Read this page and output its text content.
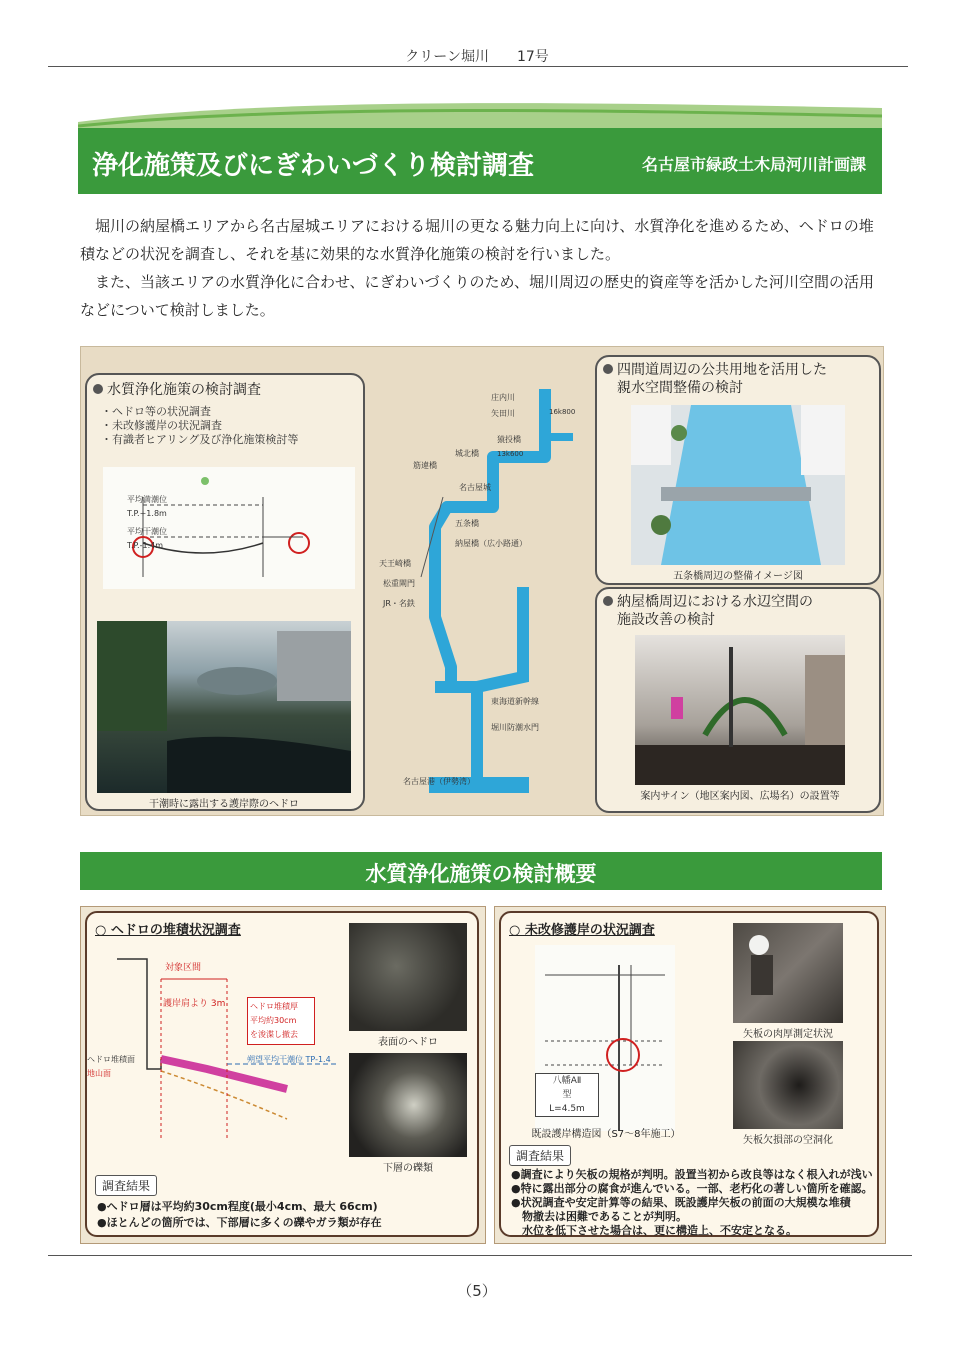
クリーン堀川　　17号
浄化施策及びにぎわいづくり検討調査	名古屋市緑政土木局河川計画課
　堀川の納屋橋エリアから名古屋城エリアにおける堀川の更なる魅力向上に向け、水質浄化を進めるため、ヘドロの堆
積などの状況を調査し、それを基に効果的な水質浄化施策の検討を行いました。
　また、当該エリアの水質浄化に合わせ、にぎわいづくりのため、堀川周辺の歴史的資産等を活かした河川空間の活用
などについて検討しました。
水質浄化施策の検討調査
・ヘドロ等の状況調査
・未改修護岸の状況調査
・有識者ヒアリング及び浄化施策検討等
平均満潮位
T.P.+1.8m
平均干潮位
T.P.-1.4m
干潮時に露出する護岸際のヘドロ
庄内川
矢田川	16k800
猿投橋
13k600
城北橋
筋違橋
名古屋城
五条橋
納屋橋（広小路通）
天王崎橋
松重閘門
JR・名鉄
東海道新幹線
堀川防潮水門
名古屋港（伊勢湾）
四間道周辺の公共用地を活用した
親水空間整備の検討
五条橋周辺の整備イメージ図
納屋橋周辺における水辺空間の
施設改善の検討
案内サイン（地区案内図、広場名）の設置等
水質浄化施策の検討概要
○ ヘドロの堆積状況調査
対象区間
護岸肩より 3m	ヘドロ堆積厚
平均約30cm
を浚渫し撤去
ヘドロ堆積面
地山面
朔望平均干潮位 TP-1.4
表面のヘドロ
下層の礫類
調査結果
●ヘドロ層は平均約30cm程度(最小4cm、最大 66cm)
●ほとんどの箇所では、下部層に多くの礫やガラ類が存在
○ 未改修護岸の状況調査
八幡AⅡ
型
L=4.5m
既設護岸構造図（S7～8年施工）
矢板の肉厚測定状況
矢板欠損部の空洞化
調査結果
●調査により矢板の規格が判明。設置当初から改良等はなく根入れが浅い
●特に露出部分の腐食が進んでいる。一部、老朽化の著しい箇所を確認。
●状況調査や安定計算等の結果、既設護岸矢板の前面の大規模な堆積
　物撤去は困難であることが判明。
　水位を低下させた場合は、更に構造上、不安定となる。
（5）
